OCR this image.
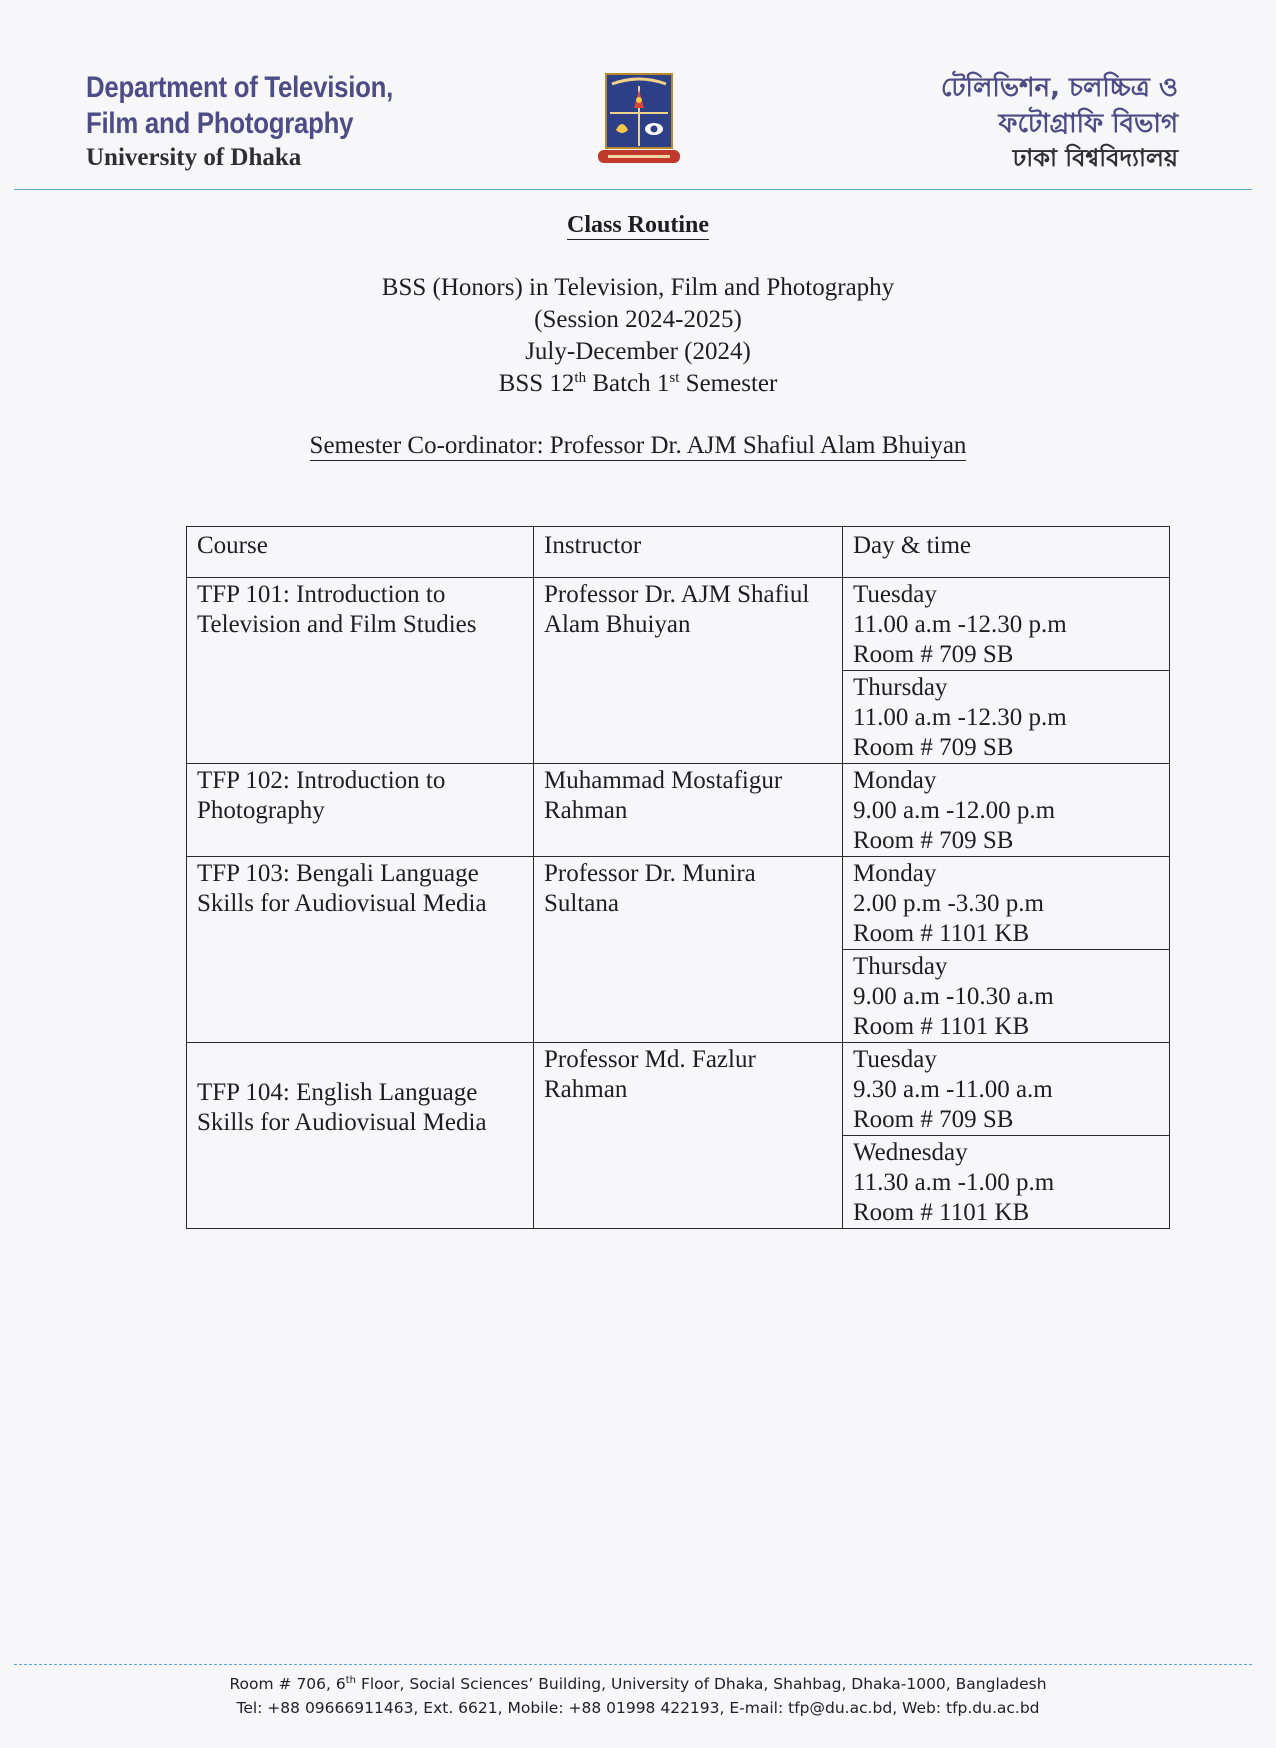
Department of Television,
Film and Photography
University of Dhaka
টেলিভিশন, চলচ্চিত্র ও
ফটোগ্রাফি বিভাগ
ঢাকা বিশ্ববিদ্যালয়
Class Routine
BSS (Honors) in Television, Film and Photography
(Session 2024-2025)
July-December (2024)
BSS 12th Batch 1st Semester
Semester Co-ordinator: Professor Dr. AJM Shafiul Alam Bhuiyan
Course	Instructor	Day & time
TFP 101: Introduction to Television and Film Studies	Professor Dr. AJM Shafiul Alam Bhuiyan	Tuesday
11.00 a.m -12.30 p.m
Room # 709 SB

		Thursday
11.00 a.m -12.30 p.m
Room # 709 SB

TFP 102: Introduction to Photography	Muhammad Mostafigur Rahman	Monday
9.00 a.m -12.00 p.m
Room # 709 SB

TFP 103: Bengali Language Skills for Audiovisual Media	Professor Dr. Munira Sultana	Monday
2.00 p.m -3.30 p.m
Room # 1101 KB

		Thursday
9.00 a.m -10.30 a.m
Room # 1101 KB

TFP 104: English Language Skills for Audiovisual Media	Professor Md. Fazlur Rahman	Tuesday
9.30 a.m -11.00 a.m
Room # 709 SB

		Wednesday
11.30 a.m -1.00 p.m
Room # 1101 KB
Room # 706, 6th Floor, Social Sciences’ Building, University of Dhaka, Shahbag, Dhaka-1000, Bangladesh
Tel: +88 09666911463, Ext. 6621, Mobile: +88 01998 422193, E-mail: tfp@du.ac.bd, Web: tfp.du.ac.bd
